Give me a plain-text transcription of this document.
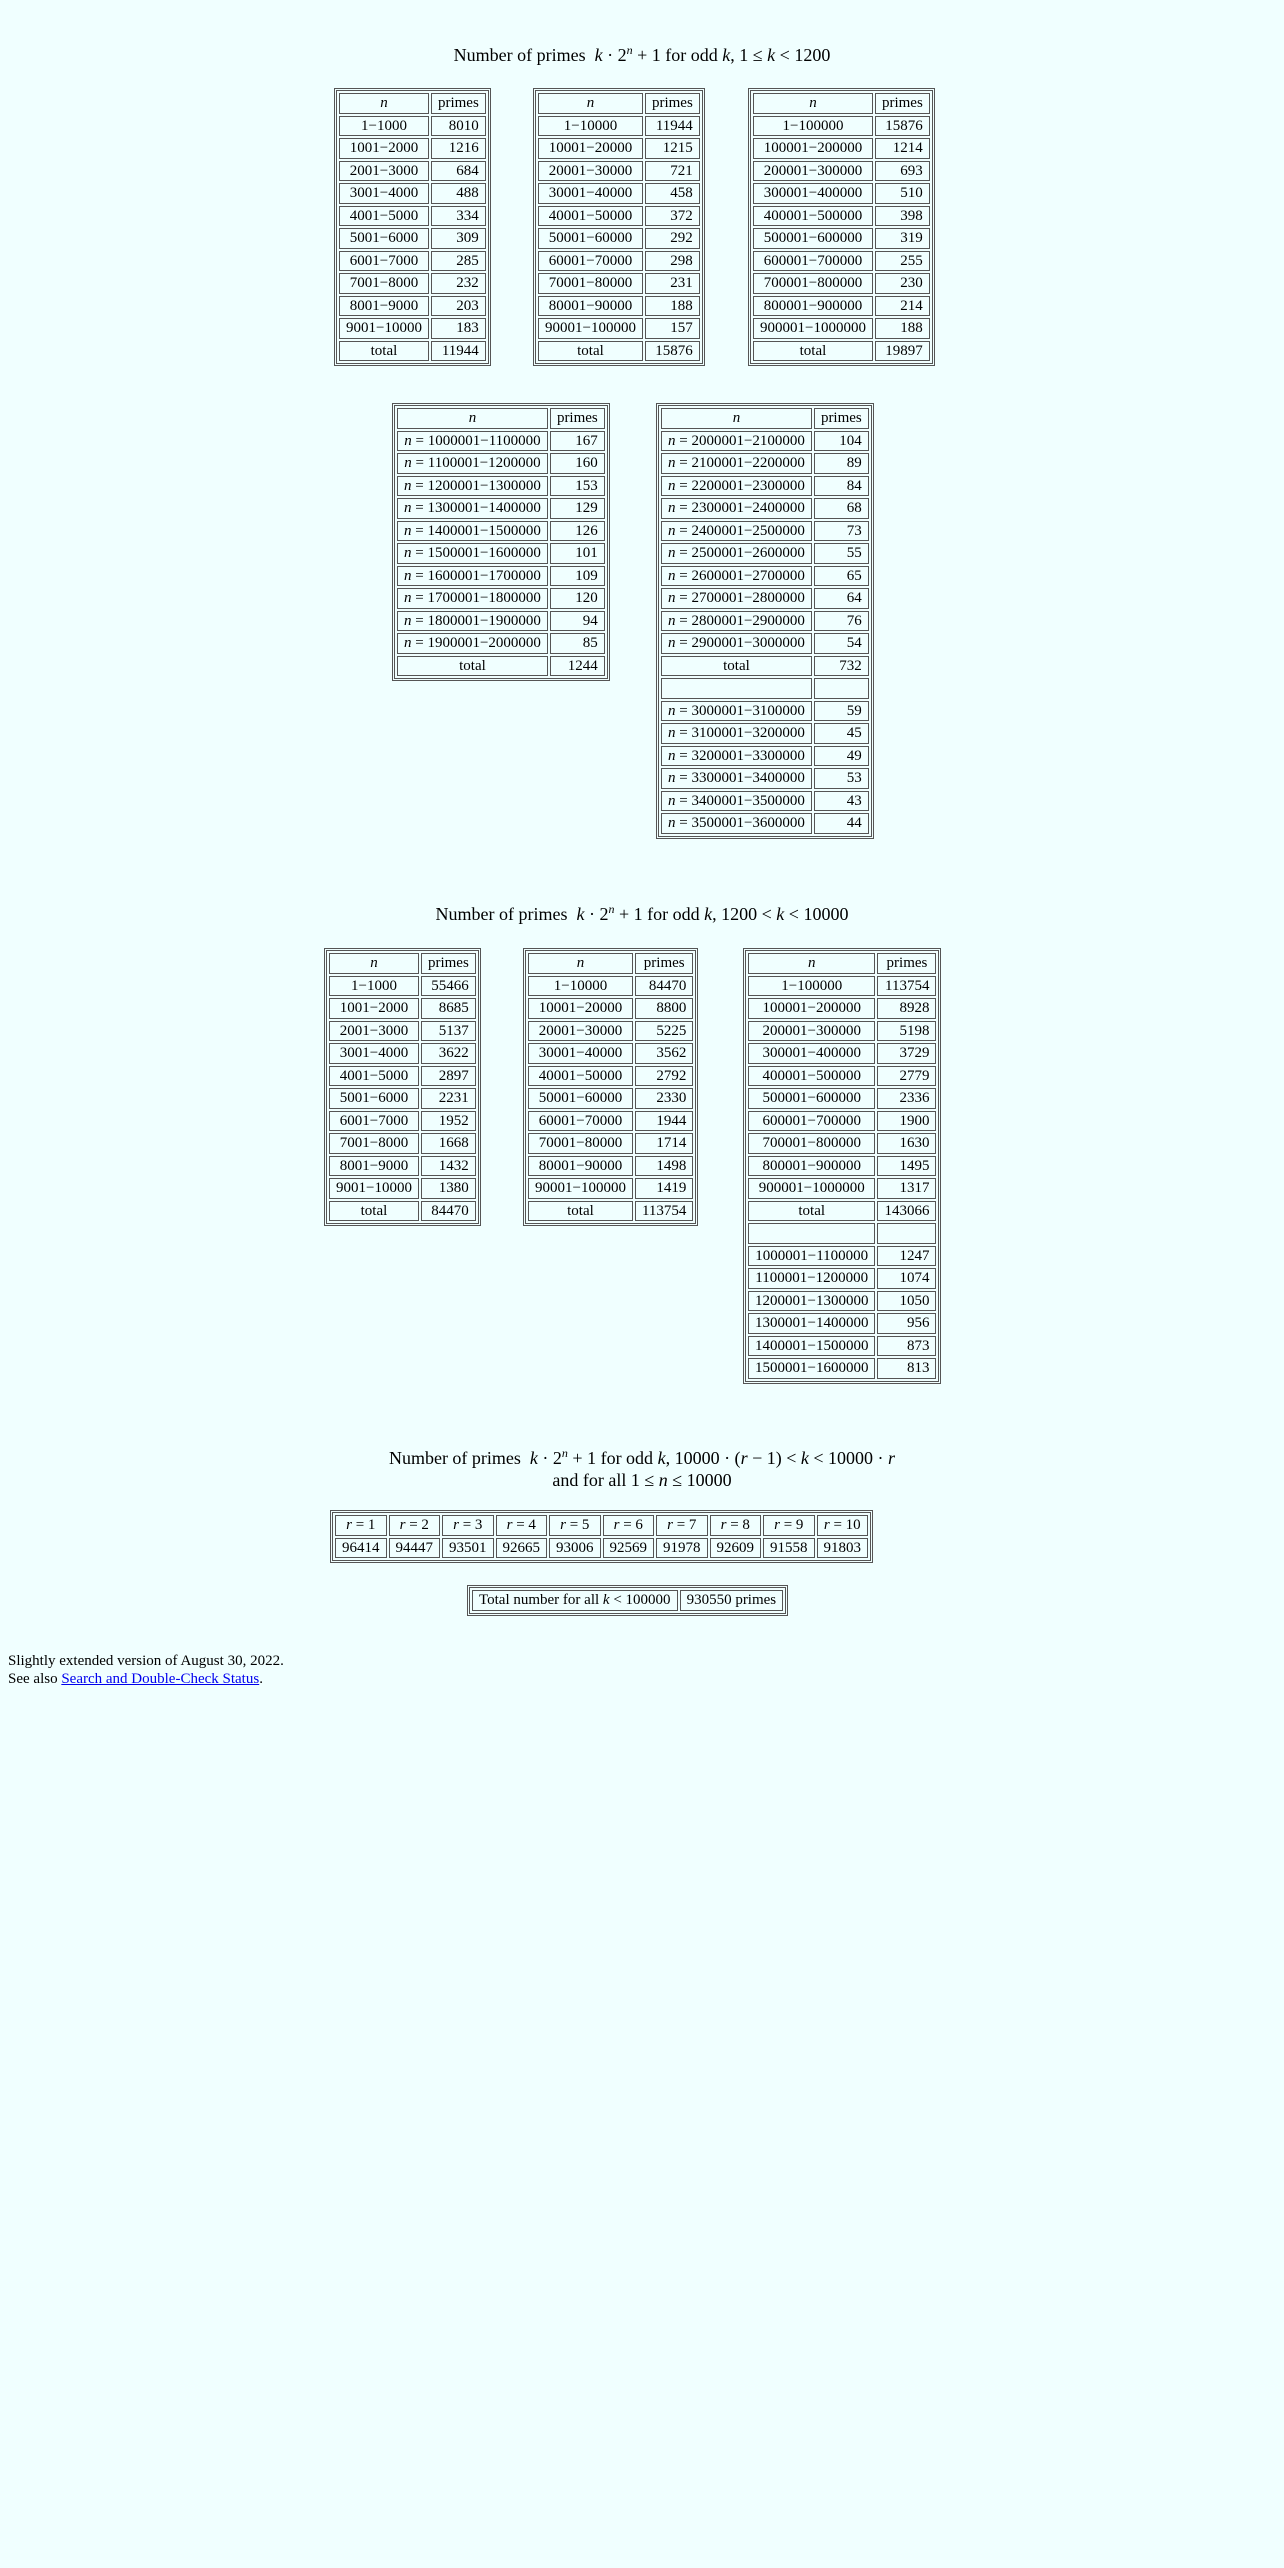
Number of primes $k \cdot 2^n + 1$ for odd k, 1 ≤ k < 1200
n	primes
1−1000	8010
1001−2000	1216
2001−3000	684
3001−4000	488
4001−5000	334
5001−6000	309
6001−7000	285
7001−8000	232
8001−9000	203
9001−10000	183
total	11944
n	primes
1−10000	11944
10001−20000	1215
20001−30000	721
30001−40000	458
40001−50000	372
50001−60000	292
60001−70000	298
70001−80000	231
80001−90000	188
90001−100000	157
total	15876
n	primes
1−100000	15876
100001−200000	1214
200001−300000	693
300001−400000	510
400001−500000	398
500001−600000	319
600001−700000	255
700001−800000	230
800001−900000	214
900001−1000000	188
total	19897
n	primes
n = 1000001−1100000	167
n = 1100001−1200000	160
n = 1200001−1300000	153
n = 1300001−1400000	129
n = 1400001−1500000	126
n = 1500001−1600000	101
n = 1600001−1700000	109
n = 1700001−1800000	120
n = 1800001−1900000	94
n = 1900001−2000000	85
total	1244
n	primes
n = 2000001−2100000	104
n = 2100001−2200000	89
n = 2200001−2300000	84
n = 2300001−2400000	68
n = 2400001−2500000	73
n = 2500001−2600000	55
n = 2600001−2700000	65
n = 2700001−2800000	64
n = 2800001−2900000	76
n = 2900001−3000000	54
total	732

n = 3000001−3100000	59
n = 3100001−3200000	45
n = 3200001−3300000	49
n = 3300001−3400000	53
n = 3400001−3500000	43
n = 3500001−3600000	44
Number of primes $k \cdot 2^n + 1$ for odd k, 1200 < k < 10000
n	primes
1−1000	55466
1001−2000	8685
2001−3000	5137
3001−4000	3622
4001−5000	2897
5001−6000	2231
6001−7000	1952
7001−8000	1668
8001−9000	1432
9001−10000	1380
total	84470
n	primes
1−10000	84470
10001−20000	8800
20001−30000	5225
30001−40000	3562
40001−50000	2792
50001−60000	2330
60001−70000	1944
70001−80000	1714
80001−90000	1498
90001−100000	1419
total	113754
n	primes
1−100000	113754
100001−200000	8928
200001−300000	5198
300001−400000	3729
400001−500000	2779
500001−600000	2336
600001−700000	1900
700001−800000	1630
800001−900000	1495
900001−1000000	1317
total	143066

1000001−1100000	1247
1100001−1200000	1074
1200001−1300000	1050
1300001−1400000	956
1400001−1500000	873
1500001−1600000	813
Number of primes $k \cdot 2^n + 1$ for odd k, 10000 · (r − 1) < k < 10000 · r
and for all 1 ≤ n ≤ 10000
r = 1	r = 2	r = 3	r = 4	r = 5	r = 6	r = 7	r = 8	r = 9	r = 10
96414	94447	93501	92665	93006	92569	91978	92609	91558	91803
Total number for all k < 100000	930550 primes
Slightly extended version of August 30, 2022.
See also Search and Double-Check Status.
